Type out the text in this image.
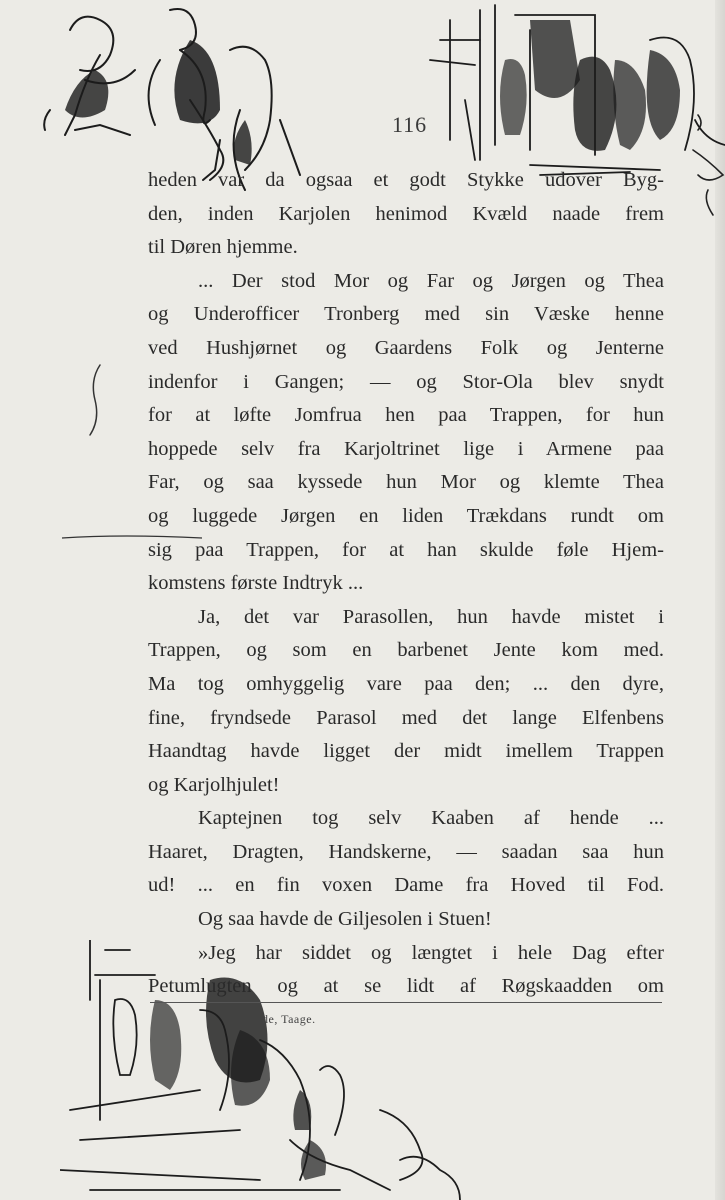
116
heden var da ogsaa et godt Stykke udover Byg-
den, inden Karjolen henimod Kvæld naade frem
til Døren hjemme.
... Der stod Mor og Far og Jørgen og Thea
og Underofficer Tronberg med sin Væske henne
ved Hushjørnet og Gaardens Folk og Jenterne
indenfor i Gangen; — og Stor-Ola blev snydt
for at løfte Jomfrua hen paa Trappen, for hun
hoppede selv fra Karjoltrinet lige i Armene paa
Far, og saa kyssede hun Mor og klemte Thea
og luggede Jørgen en liden Trækdans rundt om
sig paa Trappen, for at han skulde føle Hjem-
komstens første Indtryk ...
Ja, det var Parasollen, hun havde mistet i
Trappen, og som en barbenet Jente kom med.
Ma tog omhyggelig vare paa den; ... den dyre,
fine, fryndsede Parasol med det lange Elfenbens
Haandtag havde ligget der midt imellem Trappen
og Karjolhjulet!
Kaptejnen tog selv Kaaben af hende ...
Haaret, Dragten, Handskerne, — saadan saa hun
ud! ... en fin voxen Dame fra Hoved til Fod.
Og saa havde de Giljesolen i Stuen!
»Jeg har siddet og længtet i hele Dag efter
Petumlugten og at se lidt af Røgskaadden om
de, Taage.
